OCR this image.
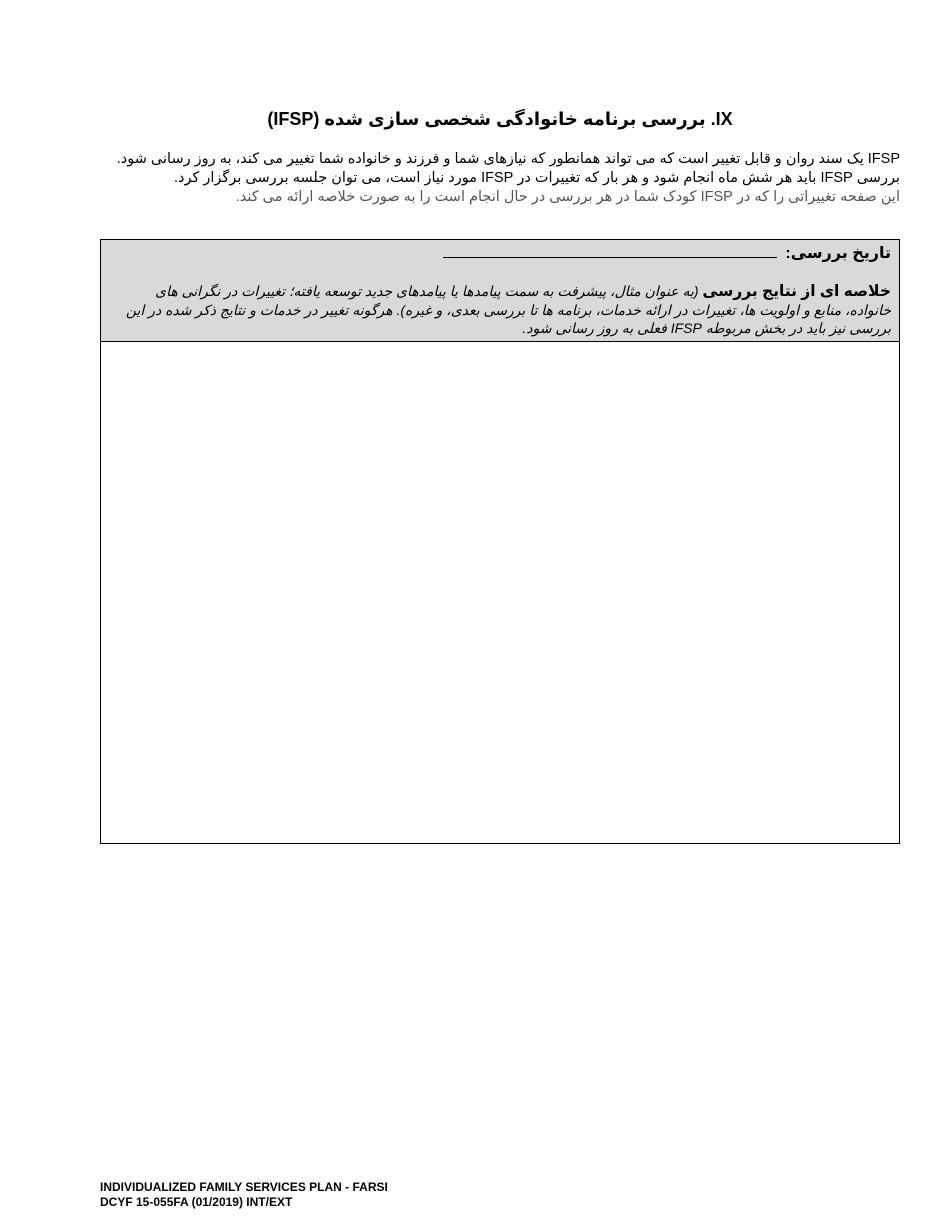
IX. بررسی برنامه خانوادگی شخصی سازی شده (IFSP)

IFSP یک سند روان و قابل تغییر است که می تواند همانطور که نیازهای شما و فرزند و خانواده شما تغییر می کند، به روز رسانی شود.

بررسی IFSP باید هر شش ماه انجام شود و هر بار که تغییرات در IFSP مورد نیاز است، می توان جلسه بررسی برگزار کرد.

این صفحه تغییراتی را که در IFSP کودک شما در هر بررسی در حال انجام است را به صورت خلاصه ارائه می کند.

تاریخ بررسی:

خلاصه ای از نتایج بررسی (به عنوان مثال، پیشرفت به سمت پیامدها یا پیامدهای جدید توسعه یافته؛ تغییرات در نگرانی های خانواده، منابع و اولویت ها، تغییرات در ارائه خدمات، برنامه ها تا بررسی بعدی، و غیره). هرگونه تغییر در خدمات و نتایج ذکر شده در این بررسی نیز باید در بخش مربوطه IFSP فعلی به روز رسانی شود.

INDIVIDUALIZED FAMILY SERVICES PLAN - FARSI
DCYF 15-055FA (01/2019) INT/EXT
